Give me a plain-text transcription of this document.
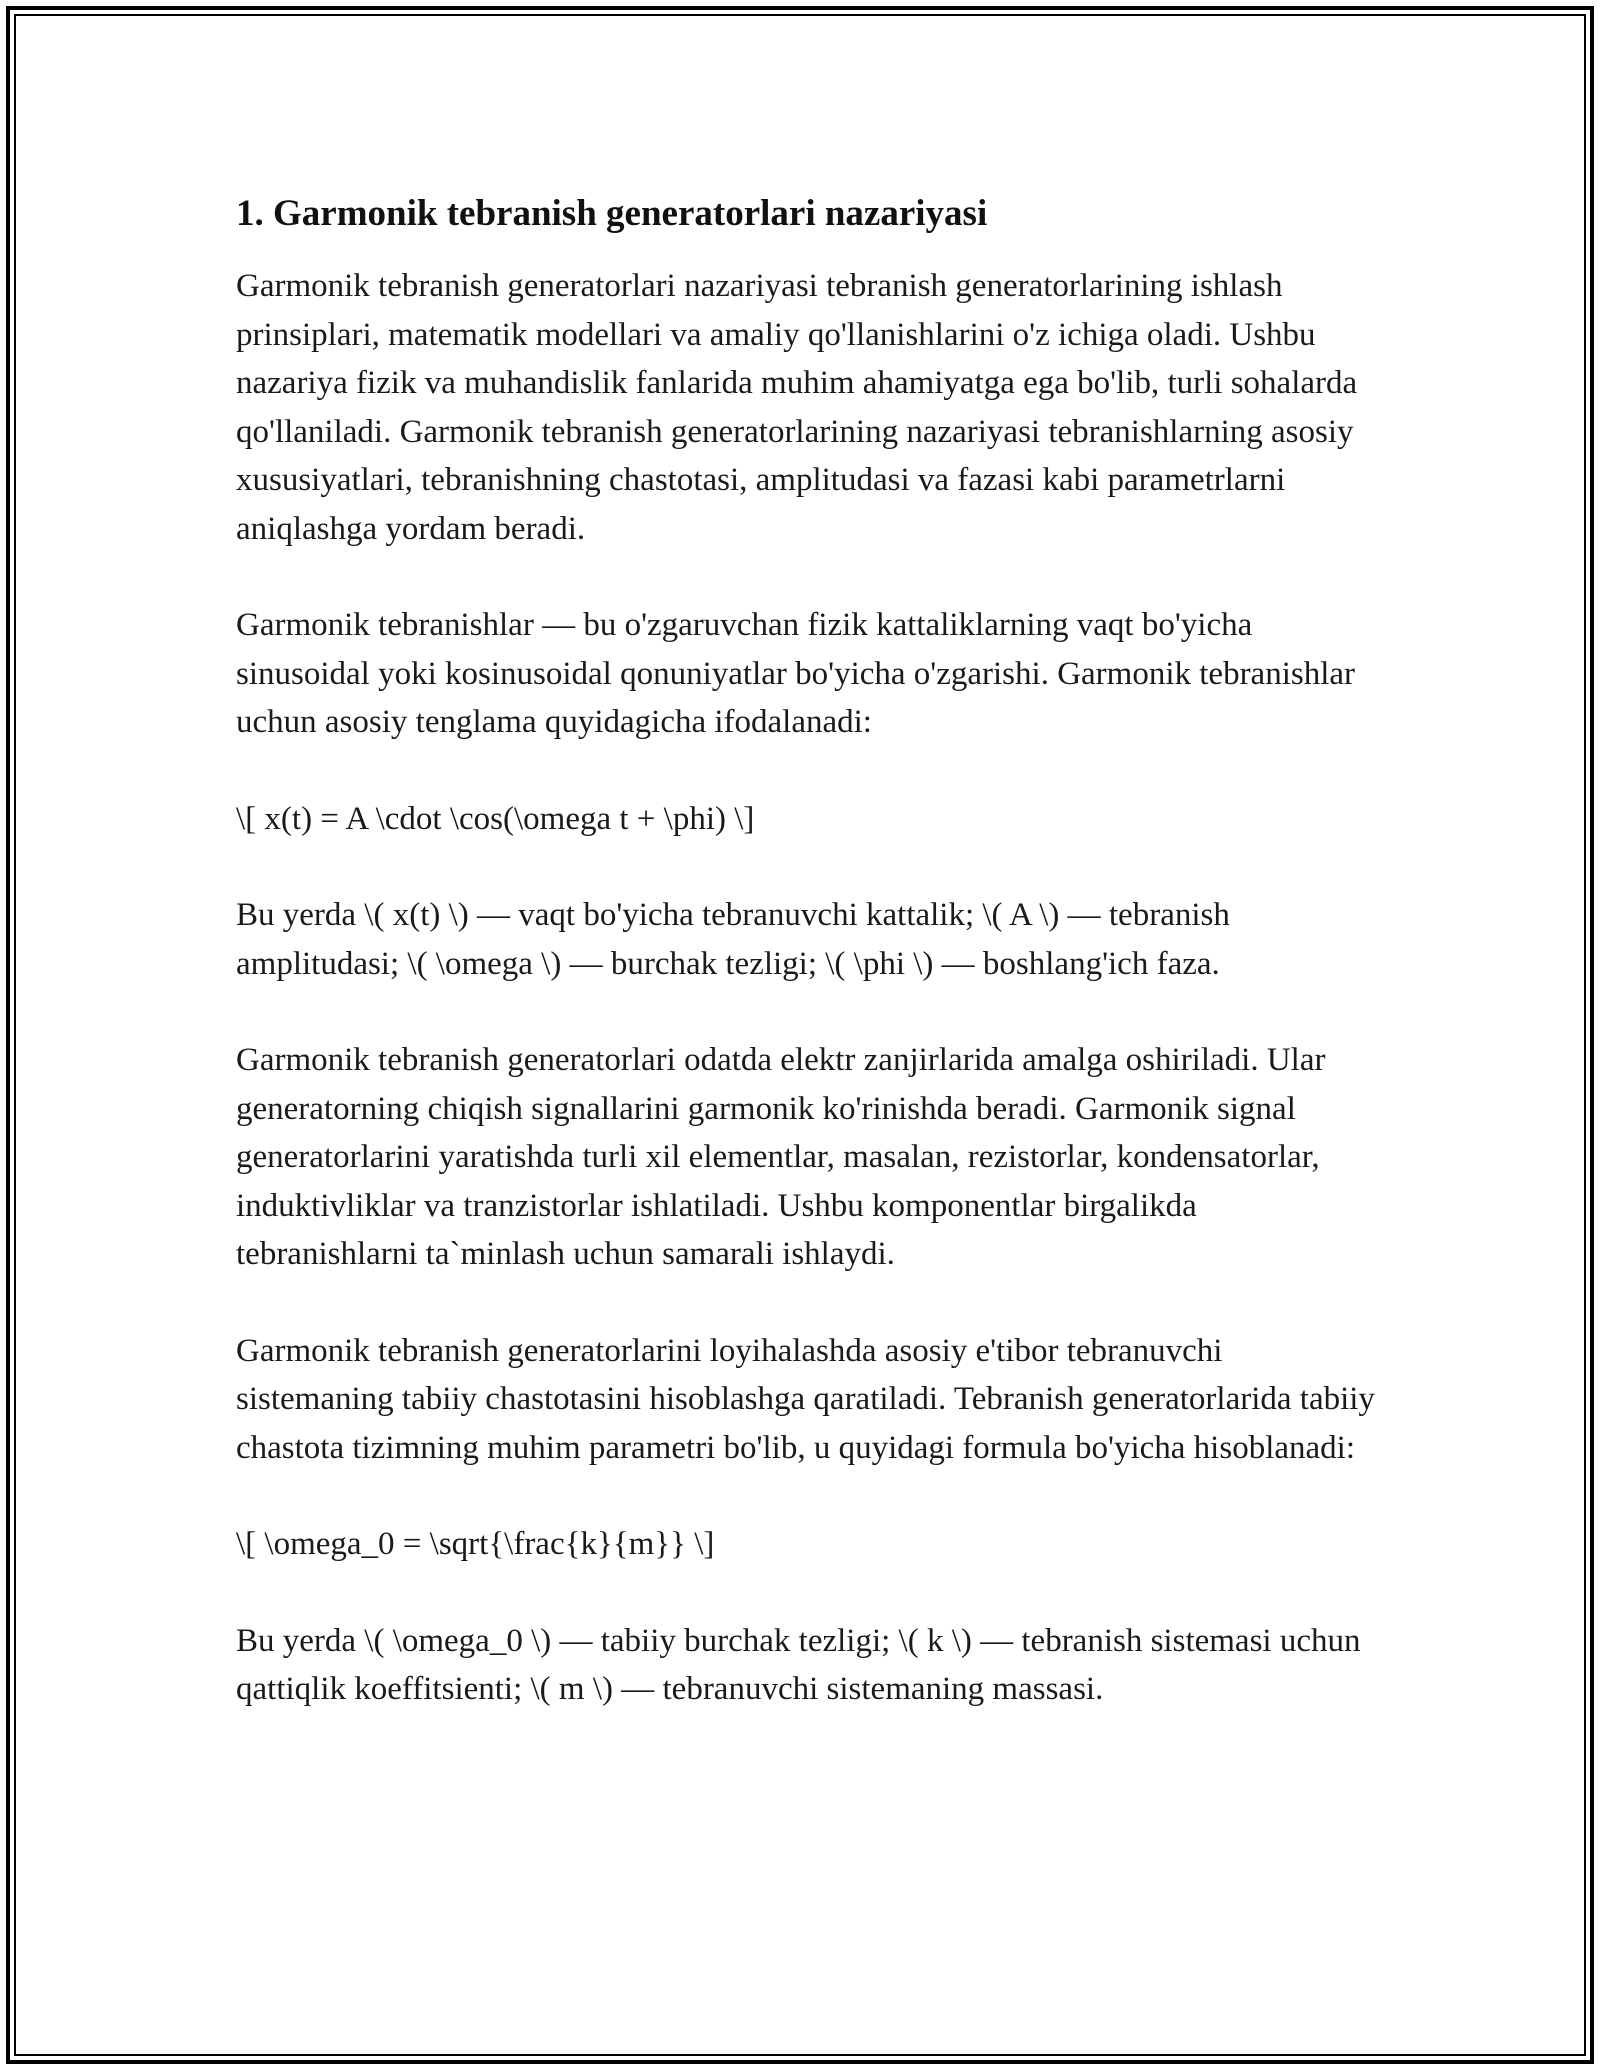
1. Garmonik tebranish generatorlari nazariyasi

Garmonik tebranish generatorlari nazariyasi tebranish generatorlarining ishlash prinsiplari, matematik modellari va amaliy qo'llanishlarini o'z ichiga oladi. Ushbu nazariya fizik va muhandislik fanlarida muhim ahamiyatga ega bo'lib, turli sohalarda qo'llaniladi. Garmonik tebranish generatorlarining nazariyasi tebranishlarning asosiy xususiyatlari, tebranishning chastotasi, amplitudasi va fazasi kabi parametrlarni aniqlashga yordam beradi.

Garmonik tebranishlar — bu o'zgaruvchan fizik kattaliklarning vaqt bo'yicha sinusoidal yoki kosinusoidal qonuniyatlar bo'yicha o'zgarishi. Garmonik tebranishlar uchun asosiy tenglama quyidagicha ifodalanadi:

\[ x(t) = A \cdot \cos(\omega t + \phi) \]

Bu yerda \( x(t) \) — vaqt bo'yicha tebranuvchi kattalik; \( A \) — tebranish amplitudasi; \( \omega \) — burchak tezligi; \( \phi \) — boshlang'ich faza.

Garmonik tebranish generatorlari odatda elektr zanjirlarida amalga oshiriladi. Ular generatorning chiqish signallarini garmonik ko'rinishda beradi. Garmonik signal generatorlarini yaratishda turli xil elementlar, masalan, rezistorlar, kondensatorlar, induktivliklar va tranzistorlar ishlatiladi. Ushbu komponentlar birgalikda tebranishlarni ta`minlash uchun samarali ishlaydi.

Garmonik tebranish generatorlarini loyihalashda asosiy e'tibor tebranuvchi sistemaning tabiiy chastotasini hisoblashga qaratiladi. Tebranish generatorlarida tabiiy chastota tizimning muhim parametri bo'lib, u quyidagi formula bo'yicha hisoblanadi:

\[ \omega_0 = \sqrt{\frac{k}{m}} \]

Bu yerda \( \omega_0 \) — tabiiy burchak tezligi; \( k \) — tebranish sistemasi uchun qattiqlik koeffitsienti; \( m \) — tebranuvchi sistemaning massasi.
